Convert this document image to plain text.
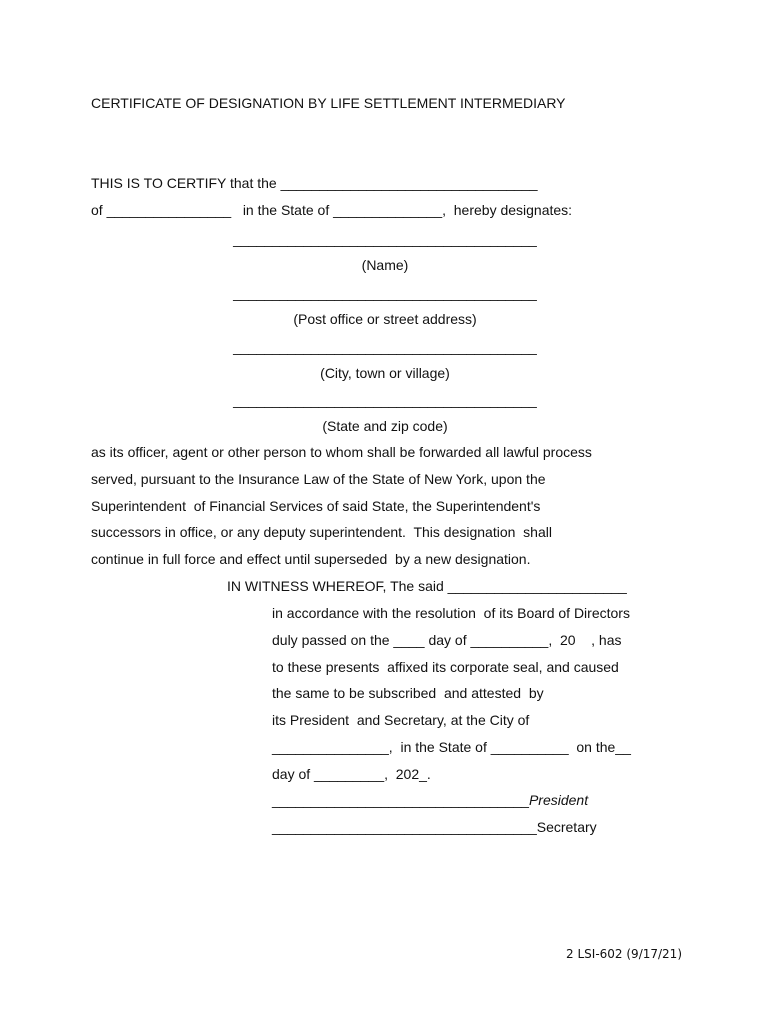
CERTIFICATE OF DESIGNATION BY LIFE SETTLEMENT INTERMEDIARY
THIS IS TO CERTIFY that the _________________________________
of ________________   in the State of ______________,  hereby designates:
_______________________________________
(Name)
_______________________________________
(Post office or street address)
_______________________________________
(City, town or village)
_______________________________________
(State and zip code)
as its officer, agent or other person to whom shall be forwarded all lawful process
served, pursuant to the Insurance Law of the State of New York, upon the
Superintendent  of Financial Services of said State, the Superintendent's
successors in office, or any deputy superintendent.  This designation  shall
continue in full force and effect until superseded  by a new designation.
IN WITNESS WHEREOF, The said _______________________
in accordance with the resolution  of its Board of Directors
duly passed on the ____ day of __________,  20    , has
to these presents  affixed its corporate seal, and caused
the same to be subscribed  and attested  by
its President  and Secretary, at the City of
_______________,  in the State of __________  on the__
day of _________,  202_.
_________________________________President
__________________________________Secretary
2 LSI-602 (9/17/21)
